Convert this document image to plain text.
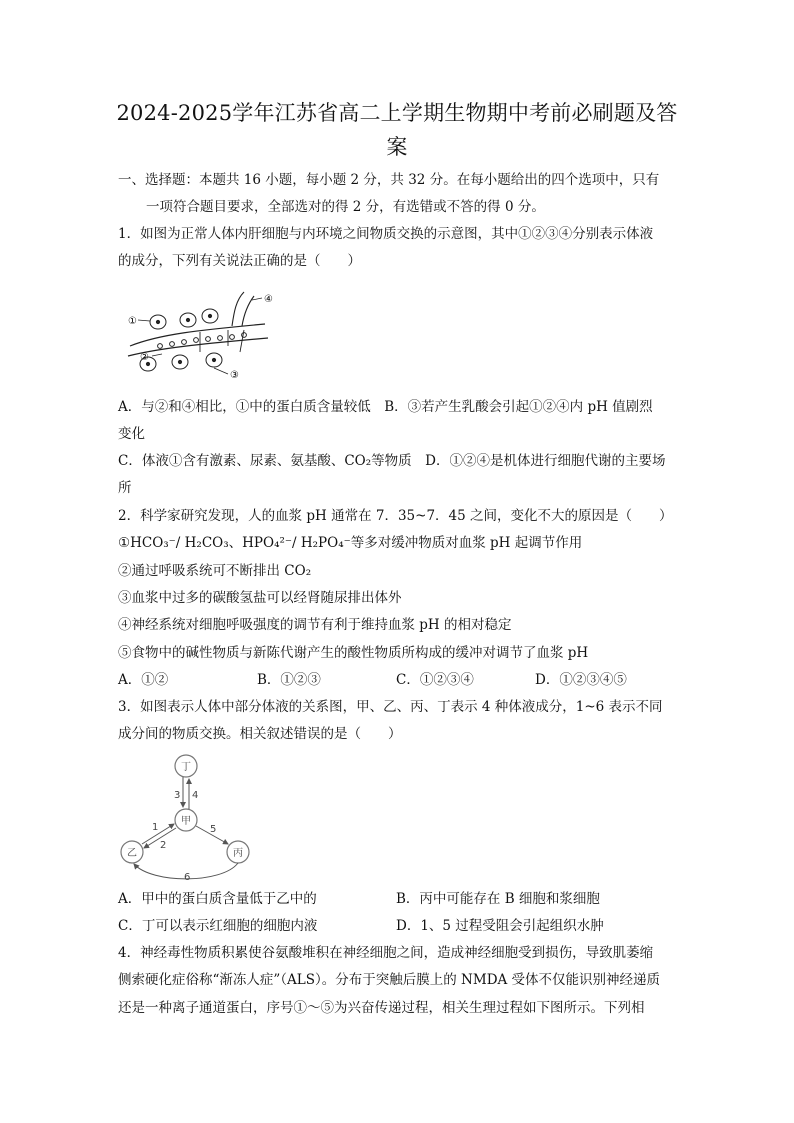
2024-2025学年江苏省高二上学期生物期中考前必刷题及答
案
一、选择题：本题共 16 小题，每小题 2 分，共 32 分。在每小题给出的四个选项中，只有
一项符合题目要求，全部选对的得 2 分，有选错或不答的得 0 分。
1．如图为正常人体内肝细胞与内环境之间物质交换的示意图，其中①②③④分别表示体液
的成分，下列有关说法正确的是（　　）
①
②
③
④
A．与②和④相比，①中的蛋白质含量较低　B．③若产生乳酸会引起①②④内 pH 值剧烈
变化
C．体液①含有激素、尿素、氨基酸、CO₂等物质　D．①②④是机体进行细胞代谢的主要场
所
2．科学家研究发现，人的血浆 pH 通常在 7．35~7．45 之间，变化不大的原因是（　　）
①HCO₃⁻/ H₂CO₃、HPO₄²⁻/ H₂PO₄⁻等多对缓冲物质对血浆 pH 起调节作用
②通过呼吸系统可不断排出 CO₂
③血浆中过多的碳酸氢盐可以经肾随尿排出体外
④神经系统对细胞呼吸强度的调节有利于维持血浆 pH 的相对稳定
⑤食物中的碱性物质与新陈代谢产生的酸性物质所构成的缓冲对调节了血浆 pH
A．①②	B．①②③	C．①②③④	D．①②③④⑤
3．如图表示人体中部分体液的关系图，甲、乙、丙、丁表示 4 种体液成分，1~6 表示不同
成分间的物质交换。相关叙述错误的是（　　）
丁
甲
乙	丙
3 4
1
2
5
6
A．甲中的蛋白质含量低于乙中的	B．丙中可能存在 B 细胞和浆细胞
C．丁可以表示红细胞的细胞内液	D．1、5 过程受阻会引起组织水肿
4．神经毒性物质积累使谷氨酸堆积在神经细胞之间，造成神经细胞受到损伤，导致肌萎缩
侧索硬化症俗称“渐冻人症”（ALS）。分布于突触后膜上的 NMDA 受体不仅能识别神经递质
还是一种离子通道蛋白，序号①～⑤为兴奋传递过程，相关生理过程如下图所示。下列相
